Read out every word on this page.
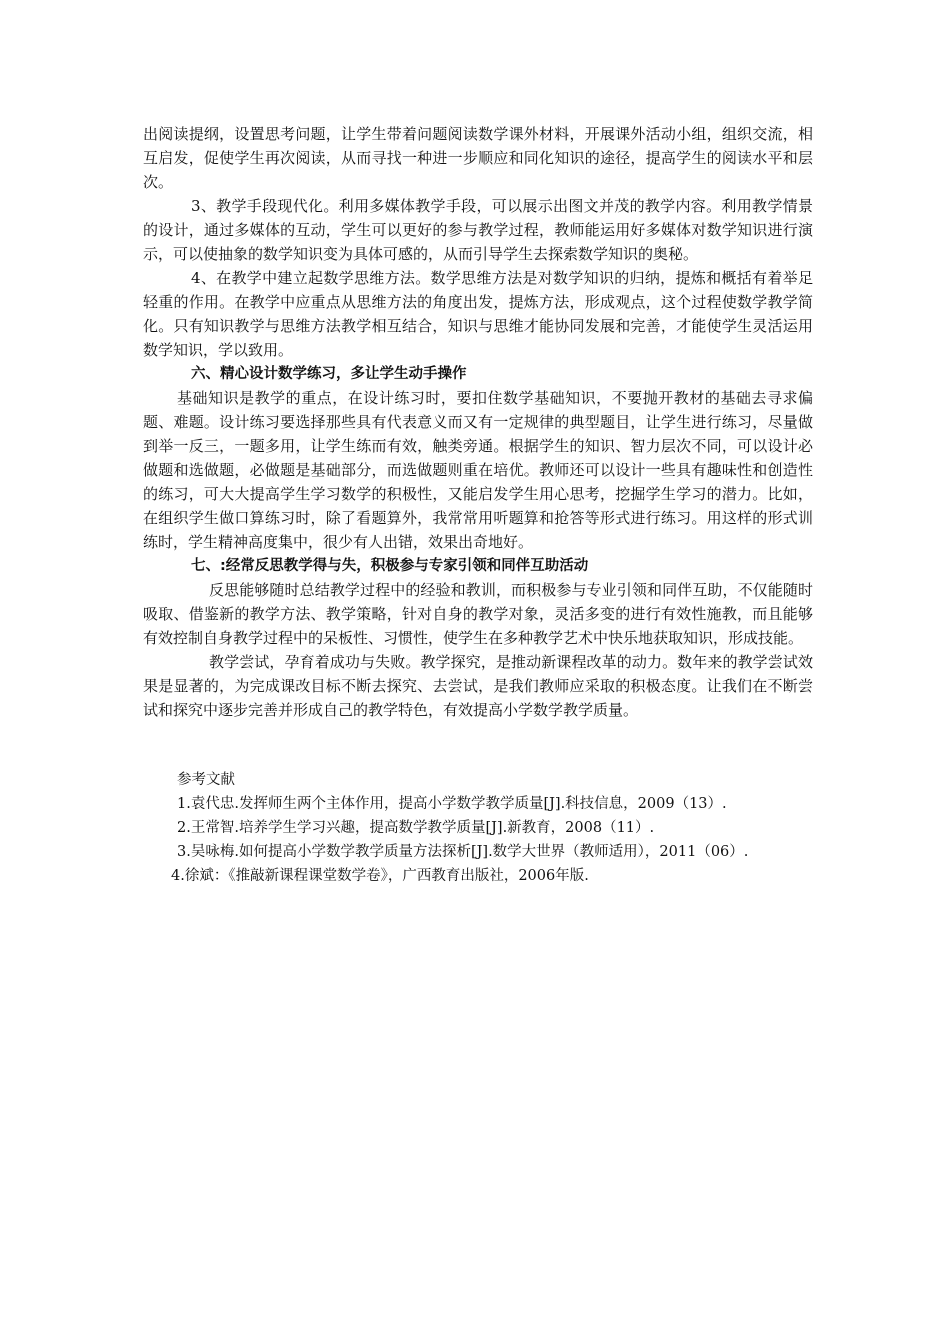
出阅读提纲，设置思考问题，让学生带着问题阅读数学课外材料，开展课外活动小组，组织交流，相互启发，促使学生再次阅读，从而寻找一种进一步顺应和同化知识的途径，提高学生的阅读水平和层次。

3、教学手段现代化。利用多媒体教学手段，可以展示出图文并茂的教学内容。利用教学情景的设计，通过多媒体的互动，学生可以更好的参与教学过程，教师能运用好多媒体对数学知识进行演示，可以使抽象的数学知识变为具体可感的，从而引导学生去探索数学知识的奥秘。

4、在教学中建立起数学思维方法。数学思维方法是对数学知识的归纳，提炼和概括有着举足轻重的作用。在教学中应重点从思维方法的角度出发，提炼方法，形成观点，这个过程使数学教学简化。只有知识教学与思维方法教学相互结合，知识与思维才能协同发展和完善，才能使学生灵活运用数学知识，学以致用。

六、精心设计数学练习，多让学生动手操作

基础知识是教学的重点，在设计练习时，要扣住数学基础知识，不要抛开教材的基础去寻求偏题、难题。设计练习要选择那些具有代表意义而又有一定规律的典型题目，让学生进行练习，尽量做到举一反三，一题多用，让学生练而有效，触类旁通。根据学生的知识、智力层次不同，可以设计必做题和选做题，必做题是基础部分，而选做题则重在培优。教师还可以设计一些具有趣味性和创造性的练习，可大大提高学生学习数学的积极性，又能启发学生用心思考，挖掘学生学习的潜力。比如，在组织学生做口算练习时，除了看题算外，我常常用听题算和抢答等形式进行练习。用这样的形式训练时，学生精神高度集中，很少有人出错，效果出奇地好。

七、:经常反思教学得与失，积极参与专家引领和同伴互助活动

反思能够随时总结教学过程中的经验和教训，而积极参与专业引领和同伴互助，不仅能随时吸取、借鉴新的教学方法、教学策略，针对自身的教学对象，灵活多变的进行有效性施教，而且能够有效控制自身教学过程中的呆板性、习惯性，使学生在多种教学艺术中快乐地获取知识，形成技能。

教学尝试，孕育着成功与失败。教学探究，是推动新课程改革的动力。数年来的教学尝试效果是显著的，为完成课改目标不断去探究、去尝试，是我们教师应采取的积极态度。让我们在不断尝试和探究中逐步完善并形成自己的教学特色，有效提高小学数学教学质量。

参考文献
1.袁代忠.发挥师生两个主体作用，提高小学数学教学质量[J].科技信息，2009（13）.
2.王常智.培养学生学习兴趣，提高数学教学质量[J].新教育，2008（11）.
3.吴咏梅.如何提高小学数学教学质量方法探析[J].数学大世界（教师适用），2011（06）.
4.徐斌：《推敲新课程课堂数学卷》，广西教育出版社，2006年版.
